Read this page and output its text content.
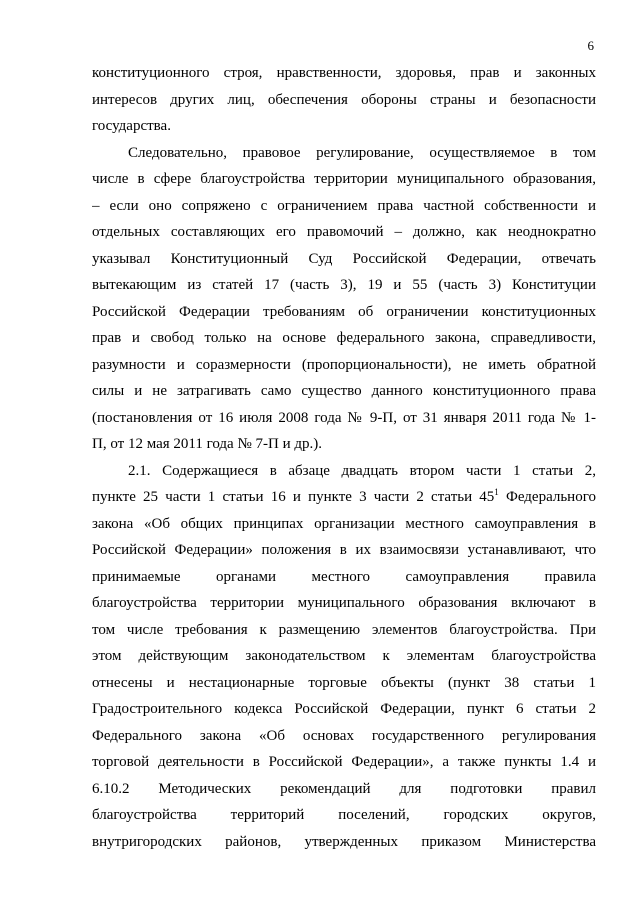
6
конституционного строя, нравственности, здоровья, прав и законных
интересов других лиц, обеспечения обороны страны и безопасности
государства.
Следовательно, правовое регулирование, осуществляемое в том
числе в сфере благоустройства территории муниципального образования,
– если оно сопряжено с ограничением права частной собственности и
отдельных составляющих его правомочий – должно, как неоднократно
указывал Конституционный Суд Российской Федерации, отвечать
вытекающим из статей 17 (часть 3), 19 и 55 (часть 3) Конституции
Российской Федерации требованиям об ограничении конституционных
прав и свобод только на основе федерального закона, справедливости,
разумности и соразмерности (пропорциональности), не иметь обратной
силы и не затрагивать само существо данного конституционного права
(постановления от 16 июля 2008 года № 9-П, от 31 января 2011 года № 1-
П, от 12 мая 2011 года № 7-П и др.).
2.1. Содержащиеся в абзаце двадцать втором части 1 статьи 2,
пункте 25 части 1 статьи 16 и пункте 3 части 2 статьи $45^1$ Федерального
закона «Об общих принципах организации местного самоуправления в
Российской Федерации» положения в их взаимосвязи устанавливают, что
принимаемые органами местного самоуправления правила
благоустройства территории муниципального образования включают в
том числе требования к размещению элементов благоустройства. При
этом действующим законодательством к элементам благоустройства
отнесены и нестационарные торговые объекты (пункт 38 статьи 1
Градостроительного кодекса Российской Федерации, пункт 6 статьи 2
Федерального закона «Об основах государственного регулирования
торговой деятельности в Российской Федерации», а также пункты 1.4 и
6.10.2 Методических рекомендаций для подготовки правил
благоустройства территорий поселений, городских округов,
внутригородских районов, утвержденных приказом Министерства
